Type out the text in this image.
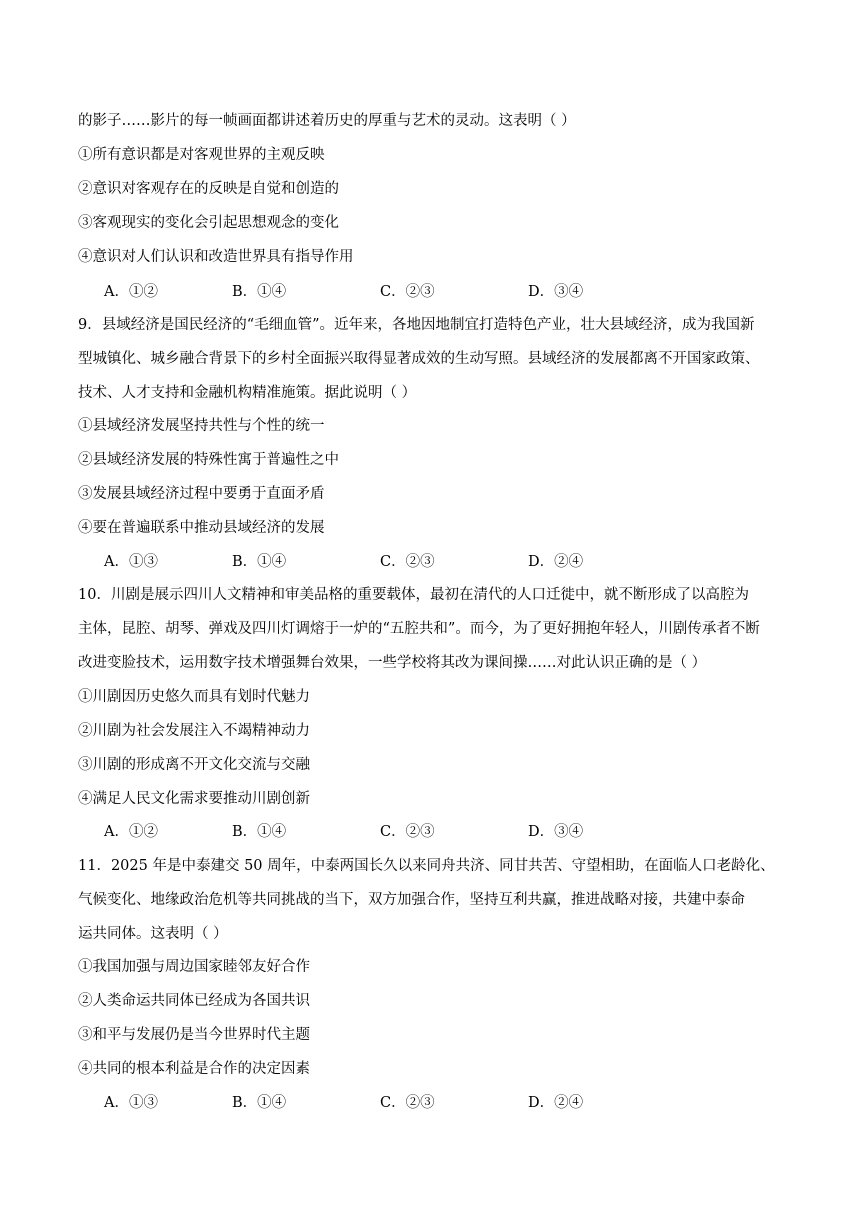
的影子……影片的每一帧画面都讲述着历史的厚重与艺术的灵动。这表明（ ）
①所有意识都是对客观世界的主观反映
②意识对客观存在的反映是自觉和创造的
③客观现实的变化会引起思想观念的变化
④意识对人们认识和改造世界具有指导作用
A．①②	B．①④	C．②③	D．③④
9．县域经济是国民经济的“毛细血管”。近年来，各地因地制宜打造特色产业，壮大县域经济，成为我国新
型城镇化、城乡融合背景下的乡村全面振兴取得显著成效的生动写照。县域经济的发展都离不开国家政策、
技术、人才支持和金融机构精准施策。据此说明（ ）
①县域经济发展坚持共性与个性的统一
②县域经济发展的特殊性寓于普遍性之中
③发展县域经济过程中要勇于直面矛盾
④要在普遍联系中推动县域经济的发展
A．①③	B．①④	C．②③	D．②④
10．川剧是展示四川人文精神和审美品格的重要载体，最初在清代的人口迁徙中，就不断形成了以高腔为
主体，昆腔、胡琴、弹戏及四川灯调熔于一炉的“五腔共和”。而今，为了更好拥抱年轻人，川剧传承者不断
改进变脸技术，运用数字技术增强舞台效果，一些学校将其改为课间操……对此认识正确的是（ ）
①川剧因历史悠久而具有划时代魅力
②川剧为社会发展注入不竭精神动力
③川剧的形成离不开文化交流与交融
④满足人民文化需求要推动川剧创新
A．①②	B．①④	C．②③	D．③④
11．2025 年是中泰建交 50 周年，中泰两国长久以来同舟共济、同甘共苦、守望相助，在面临人口老龄化、
气候变化、地缘政治危机等共同挑战的当下，双方加强合作，坚持互利共赢，推进战略对接，共建中泰命
运共同体。这表明（ ）
①我国加强与周边国家睦邻友好合作
②人类命运共同体已经成为各国共识
③和平与发展仍是当今世界时代主题
④共同的根本利益是合作的决定因素
A．①③	B．①④	C．②③	D．②④
